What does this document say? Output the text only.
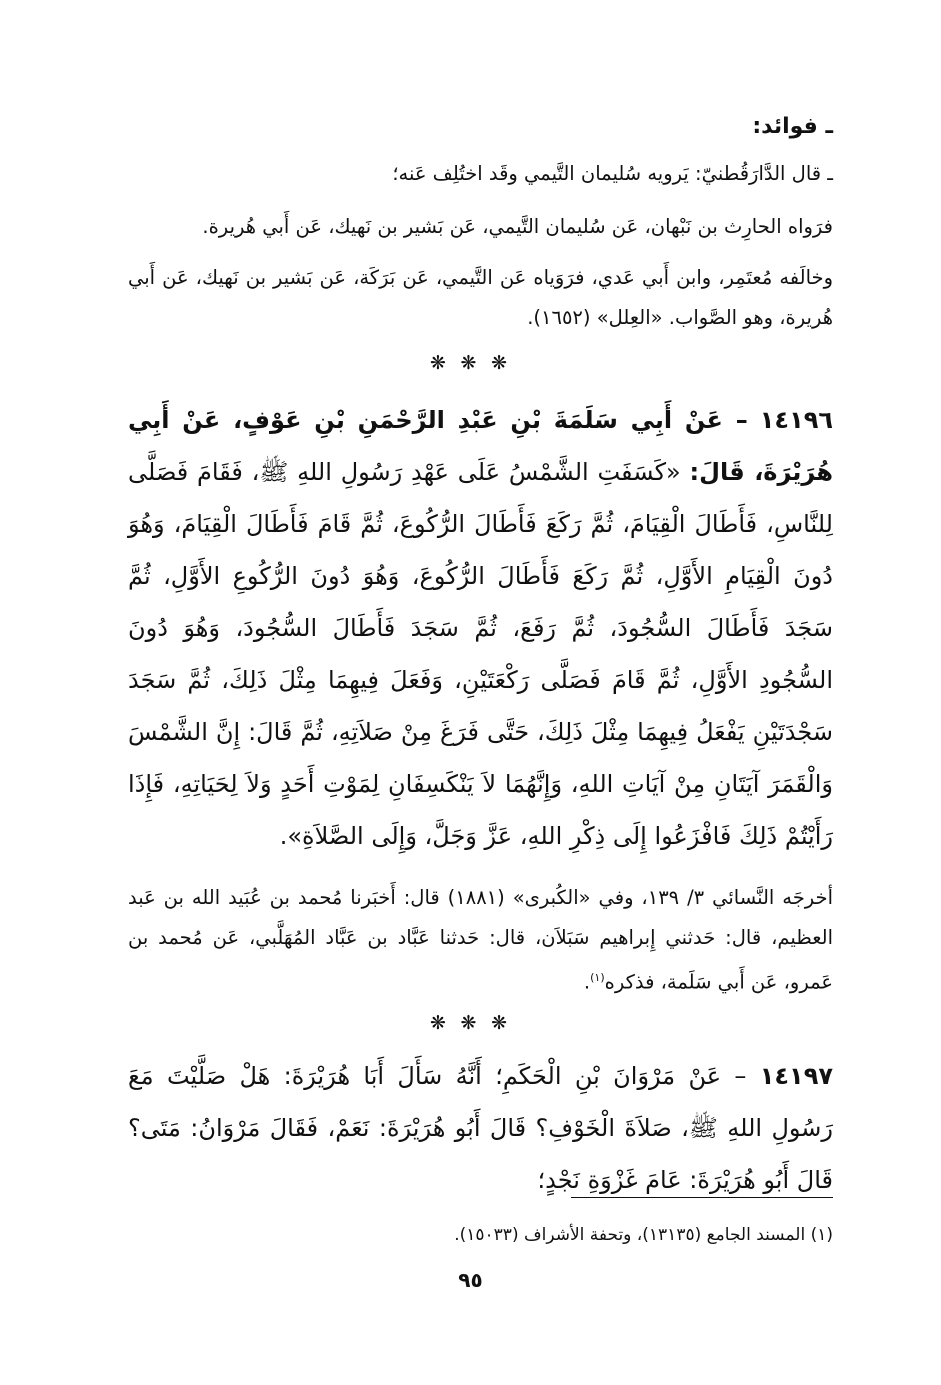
ـ فوائد:

ـ قال الدَّارَقُطنيّ: يَرويه سُليمان التَّيمي وقَد اختُلِف عَنه؛

فرَواه الحارِث بن نَبْهان، عَن سُليمان التَّيمي، عَن بَشير بن نَهيك، عَن أَبي هُريرة.

وخالَفه مُعتَمِر، وابن أَبي عَدي، فرَوَياه عَن التَّيمي، عَن بَرَكَة، عَن بَشير بن نَهيك، عَن أَبي هُريرة، وهو الصَّواب. «العِلل» (١٦٥٢).

❋ ❋ ❋
١٤١٩٦ – عَنْ أَبِي سَلَمَةَ بْنِ عَبْدِ الرَّحْمَنِ بْنِ عَوْفٍ، عَنْ أَبِي هُرَيْرَةَ، قَالَ: «كَسَفَتِ الشَّمْسُ عَلَى عَهْدِ رَسُولِ اللهِ ﷺ، فَقَامَ فَصَلَّى لِلنَّاسِ، فَأَطَالَ الْقِيَامَ، ثُمَّ رَكَعَ فَأَطَالَ الرُّكُوعَ، ثُمَّ قَامَ فَأَطَالَ الْقِيَامَ، وَهُوَ دُونَ الْقِيَامِ الأَوَّلِ، ثُمَّ رَكَعَ فَأَطَالَ الرُّكُوعَ، وَهُوَ دُونَ الرُّكُوعِ الأَوَّلِ، ثُمَّ سَجَدَ فَأَطَالَ السُّجُودَ، ثُمَّ رَفَعَ، ثُمَّ سَجَدَ فَأَطَالَ السُّجُودَ، وَهُوَ دُونَ السُّجُودِ الأَوَّلِ، ثُمَّ قَامَ فَصَلَّى رَكْعَتَيْنِ، وَفَعَلَ فِيهِمَا مِثْلَ ذَلِكَ، ثُمَّ سَجَدَ سَجْدَتَيْنِ يَفْعَلُ فِيهِمَا مِثْلَ ذَلِكَ، حَتَّى فَرَغَ مِنْ صَلاَتِهِ، ثُمَّ قَالَ: إِنَّ الشَّمْسَ وَالْقَمَرَ آيَتَانِ مِنْ آيَاتِ اللهِ، وَإِنَّهُمَا لاَ يَنْكَسِفَانِ لِمَوْتِ أَحَدٍ وَلاَ لِحَيَاتِهِ، فَإِذَا رَأَيْتُمْ ذَلِكَ فَافْزَعُوا إِلَى ذِكْرِ اللهِ، عَزَّ وَجَلَّ، وَإِلَى الصَّلاَةِ».

أخرجَه النَّسائي ٣/ ١٣٩، وفي «الكُبرى» (١٨٨١) قال: أَخبَرنا مُحمد بن عُبَيد الله بن عَبد العظيم، قال: حَدثني إِبراهيم سَبَلاَن، قال: حَدثنا عَبَّاد بن عَبَّاد المُهَلَّبي، عَن مُحمد بن عَمرو، عَن أَبي سَلَمة، فذكره$^{(١)}$.

❋ ❋ ❋
١٤١٩٧ – عَنْ مَرْوَانَ بْنِ الْحَكَمِ؛ أَنَّهُ سَأَلَ أَبَا هُرَيْرَةَ: هَلْ صَلَّيْتَ مَعَ رَسُولِ اللهِ ﷺ، صَلاَةَ الْخَوْفِ؟ قَالَ أَبُو هُرَيْرَةَ: نَعَمْ، فَقَالَ مَرْوَانُ: مَتَى؟ قَالَ أَبُو هُرَيْرَةَ: عَامَ غَزْوَةِ نَجْدٍ؛

(١) المسند الجامع (١٣١٣٥)، وتحفة الأشراف (١٥٠٣٣).

٩٥
